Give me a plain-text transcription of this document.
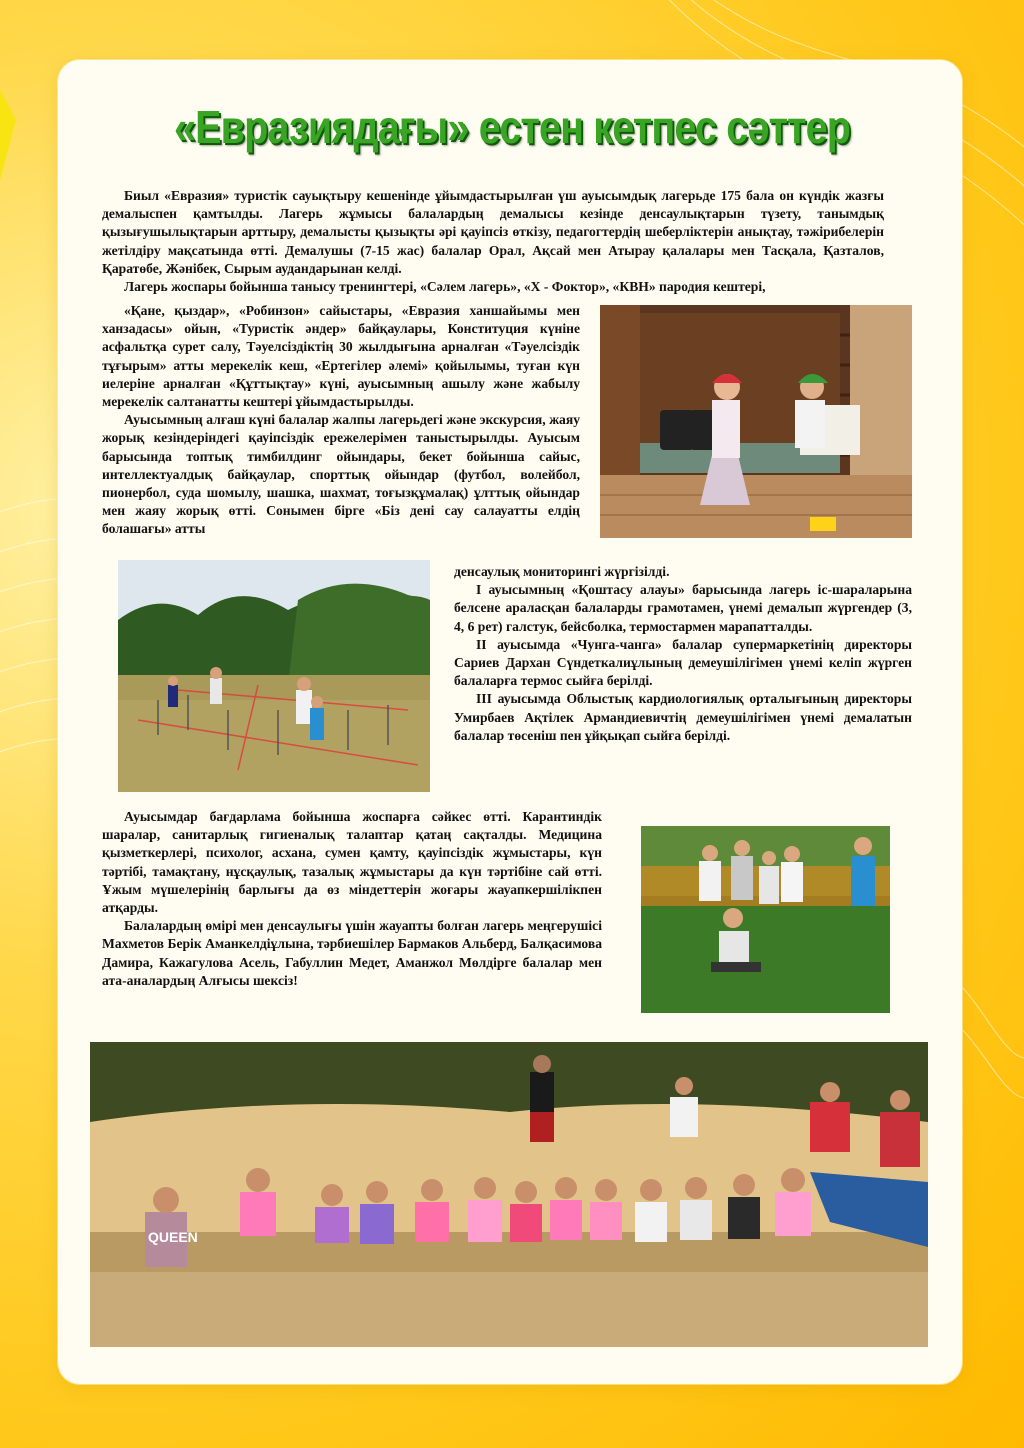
«Евразиядағы» естен кетпес сәттер

Биыл «Евразия» туристік сауықтыру кешенінде ұйымдастырылған үш ауысымдық лагерьде 175 бала он күндік жазғы демалыспен қамтылды. Лагерь жұмысы балалардың демалысы кезінде денсаулықтарын түзету, танымдық қызығушылықтарын арттыру, демалысты қызықты әрі қауіпсіз өткізу, педагогтердің шеберліктерін анықтау, тәжірибелерін жетілдіру мақсатында өтті. Демалушы (7-15 жас) балалар Орал, Ақсай мен Атырау қалалары мен Тасқала, Қазталов, Қаратөбе, Жәнібек, Сырым аудандарынан келді.

Лагерь жоспары бойынша танысу тренингтері, «Сәлем лагерь», «Х - Фоктор», «КВН» пародия кештері,

«Қане, қыздар», «Робинзон» сайыстары, «Евразия ханшайымы мен ханзадасы» ойын, «Туристік әндер» байқаулары, Конституция күніне асфальтқа сурет салу, Тәуелсіздіктің 30 жылдығына арналған «Тәуелсіздік тұғырым» атты мерекелік кеш, «Ертегілер әлемі» қойылымы, туған күн иелеріне арналған «Құттықтау» күні, ауысымның ашылу және жабылу мерекелік салтанатты кештері ұйымдастырылды.

Ауысымның алғаш күні балалар жалпы лагерьдегі және экскурсия, жаяу жорық кезіндеріндегі қауіпсіздік ережелерімен таныстырылды. Ауысым барысында топтық тимбилдинг ойындары, бекет бойынша сайыс, интеллектуалдық байқаулар, спорттық ойындар (футбол, волейбол, пионербол, суда шомылу, шашка, шахмат, тоғызқұмалақ) ұлттық ойындар мен жаяу жорық өтті. Сонымен бірге «Біз дені сау салауатты елдің болашағы» атты

денсаулық мониторингі жүргізілді.

I ауысымның «Қоштасу алауы» барысында лагерь іс-шараларына белсене араласқан балаларды грамотамен, үнемі демалып жүргендер (3, 4, 6 рет) галстук, бейсболка, термостармен марапатталды.

II ауысымда «Чунга-чанга» балалар супермаркетінің директоры Сариев Дархан Сүндеткалиұлының демеушілігімен үнемі келіп жүрген балаларға термос сыйға берілді.

III ауысымда Облыстық кардиологиялық орталығының директоры Умирбаев Ақтілек Армандиевичтің демеушілігімен үнемі демалатын балалар төсеніш пен ұйқықап сыйға берілді.

Ауысымдар бағдарлама бойынша жоспарға сәйкес өтті. Карантиндік шаралар, санитарлық гигиеналық талаптар қатаң сақталды. Медицина қызметкерлері, психолог, асхана, сумен қамту, қауіпсіздік жұмыстары, күн тәртібі, тамақтану, нұсқаулық, тазалық жұмыстары да күн тәртібіне сай өтті. Ұжым мүшелерінің барлығы да өз міндеттерін жоғары жауапкершілікпен атқарды.

Балалардың өмірі мен денсаулығы үшін жауапты болған лагерь меңгерушісі Махметов Берік Аманкелдіұлына, тәрбиешілер Бармаков Альберд, Балқасимова Дамира, Кажагулова Асель, Габуллин Медет, Аманжол Мөлдірге балалар мен ата-аналардың Алғысы шексіз!

QUEEN
